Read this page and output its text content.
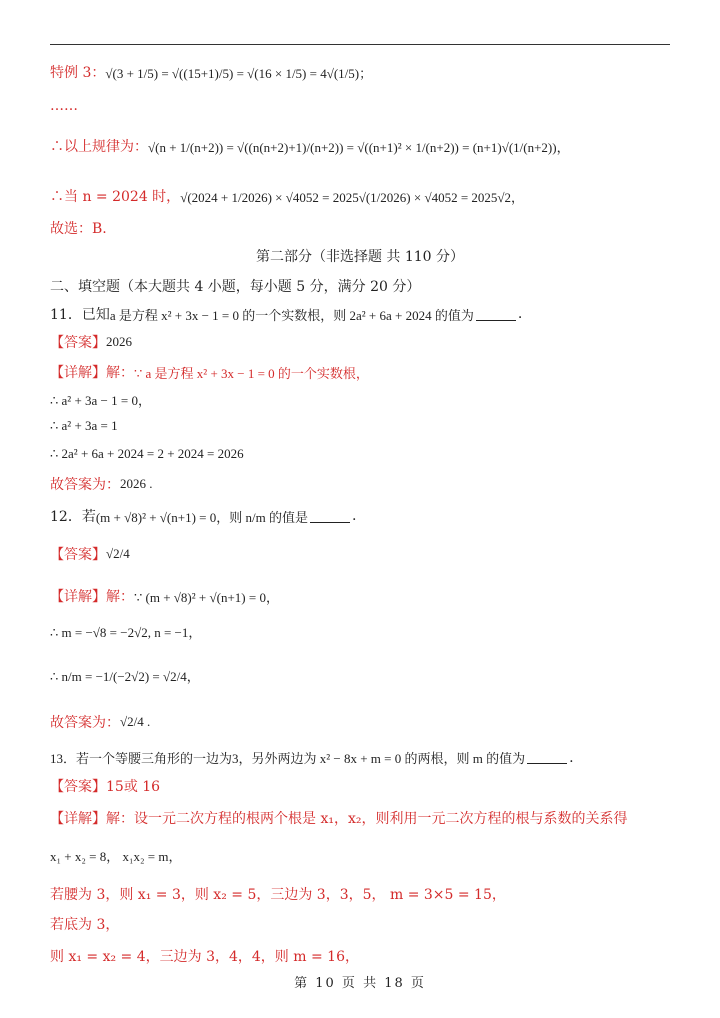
特例 3： √(3 + 1/5) = √((15+1)/5) = √(16 × 1/5) = 4√(1/5)；
……
∴以上规律为： √(n + 1/(n+2)) = √((n(n+2)+1)/(n+2)) = √((n+1)² × 1/(n+2)) = (n+1)√(1/(n+2))，
∴当 n = 2024 时， √(2024 + 1/2026) × √4052 = 2025√(1/2026) × √4052 = 2025√2，
故选：B.
第二部分（非选择题 共 110 分）
二、填空题（本大题共 4 小题，每小题 5 分，满分 20 分）
11．已知 a 是方程 x² + 3x − 1 = 0 的一个实数根，则 2a² + 6a + 2024 的值为	.
【答案】 2026
【详解】解： ∵ a 是方程 x² + 3x − 1 = 0 的一个实数根，
∴ a² + 3a − 1 = 0，
∴ a² + 3a = 1
∴ 2a² + 6a + 2024 = 2 + 2024 = 2026
故答案为： 2026 .
12．若 (m + √8)² + √(n+1) = 0，则 n/m 的值是	.
【答案】 √2/4
【详解】解： ∵ (m + √8)² + √(n+1) = 0，
∴ m = −√8 = −2√2, n = −1，
∴ n/m = −1/(−2√2) = √2/4，
故答案为： √2/4 .
13．若一个等腰三角形的一边为3，另外两边为 x² − 8x + m = 0 的两根，则 m 的值为	.
【答案】 15或 16
【详解】解： 设一元二次方程的根两个根是 x₁，x₂，则利用一元二次方程的根与系数的关系得
x₁ + x₂ = 8， x₁x₂ = m，
若腰为 3，则 x₁ = 3，则 x₂ = 5，三边为 3，3，5， m = 3×5 = 15，
若底为 3，
则 x₁ = x₂ = 4，三边为 3，4，4，则 m = 16，
第 10 页 共 18 页
